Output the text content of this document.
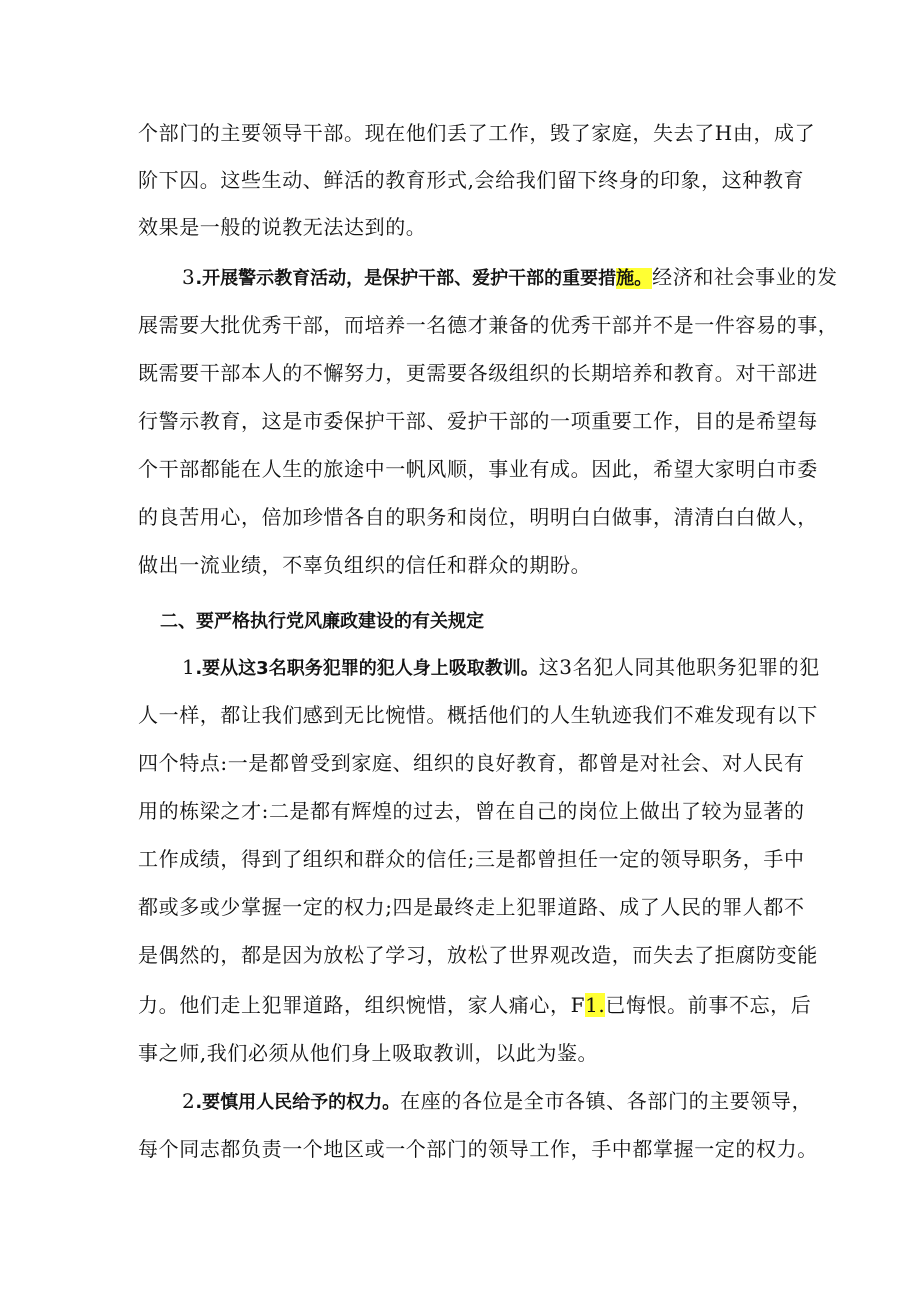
个部门的主要领导干部。现在他们丢了工作，毁了家庭，失去了H由，成了
阶下囚。这些生动、鲜活的教育形式,会给我们留下终身的印象，这种教育
效果是一般的说教无法达到的。
3.开展警示教育活动，是保护干部、爱护干部的重要措施。经济和社会事业的发
展需要大批优秀干部，而培养一名德才兼备的优秀干部并不是一件容易的事，
既需要干部本人的不懈努力，更需要各级组织的长期培养和教育。对干部进
行警示教育，这是市委保护干部、爱护干部的一项重要工作，目的是希望每
个干部都能在人生的旅途中一帆风顺，事业有成。因此，希望大家明白市委
的良苦用心，倍加珍惜各自的职务和岗位，明明白白做事，清清白白做人，
做出一流业绩，不辜负组织的信任和群众的期盼。
二、要严格执行党风廉政建设的有关规定
1.要从这3名职务犯罪的犯人身上吸取教训。这3名犯人同其他职务犯罪的犯
人一样，都让我们感到无比惋惜。概括他们的人生轨迹我们不难发现有以下
四个特点:一是都曾受到家庭、组织的良好教育，都曾是对社会、对人民有
用的栋梁之才:二是都有辉煌的过去，曾在自己的岗位上做出了较为显著的
工作成绩，得到了组织和群众的信任;三是都曾担任一定的领导职务，手中
都或多或少掌握一定的权力;四是最终走上犯罪道路、成了人民的罪人都不
是偶然的，都是因为放松了学习，放松了世界观改造，而失去了拒腐防变能
力。他们走上犯罪道路，组织惋惜，家人痛心，F1.已悔恨。前事不忘，后
事之师,我们必须从他们身上吸取教训，以此为鉴。
2.要慎用人民给予的权力。在座的各位是全市各镇、各部门的主要领导，
每个同志都负责一个地区或一个部门的领导工作，手中都掌握一定的权力。
